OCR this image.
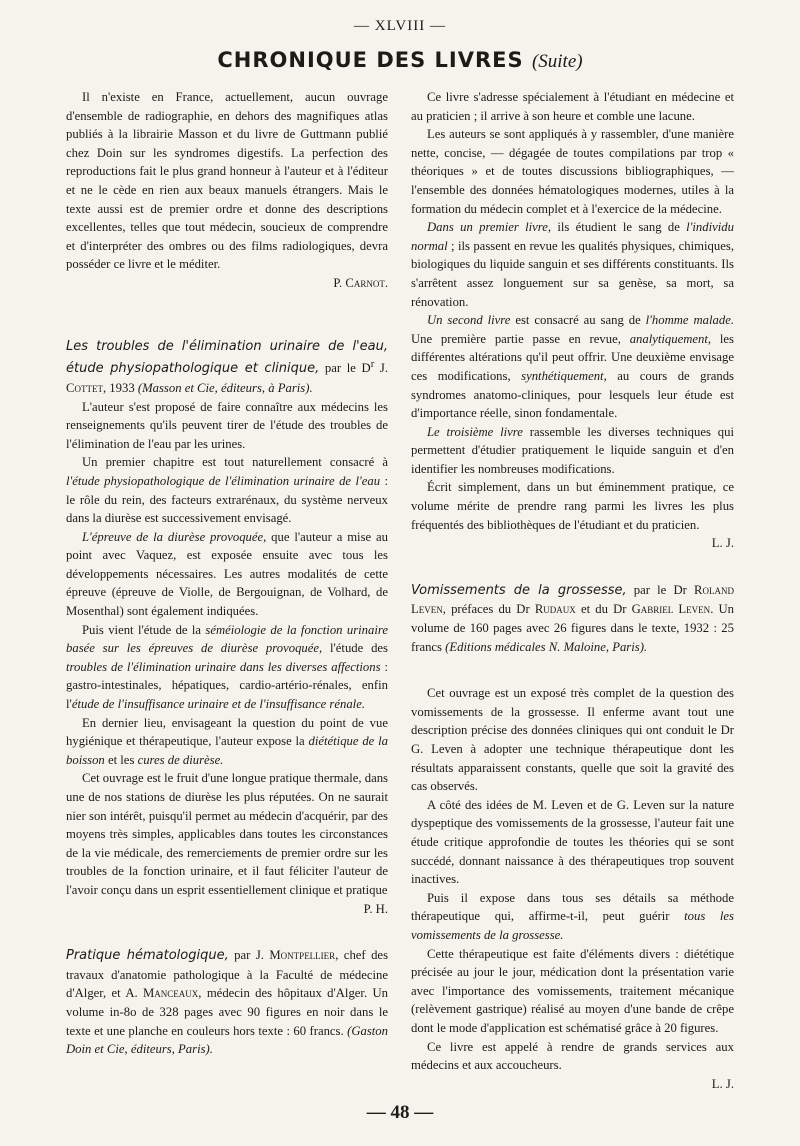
— XLVIII —
CHRONIQUE DES LIVRES (Suite)

Il n'existe en France, actuellement, aucun ouvrage d'ensemble de radiographie, en dehors des magnifiques atlas publiés à la librairie Masson et du livre de Guttmann publié chez Doin sur les syndromes digestifs. La perfection des reproductions fait le plus grand honneur à l'auteur et à l'éditeur et ne le cède en rien aux beaux manuels étrangers. Mais le texte aussi est de premier ordre et donne des descriptions excellentes, telles que tout médecin, soucieux de comprendre et d'interpréter des ombres ou des films radiologiques, devra posséder ce livre et le méditer.

P. Carnot.

Les troubles de l'élimination urinaire de l'eau, étude physiopathologique et clinique, par le $D^r$ J. Cottet, 1933 (Masson et Cie, éditeurs, à Paris).

L'auteur s'est proposé de faire connaître aux médecins les renseignements qu'ils peuvent tirer de l'étude des troubles de l'élimination de l'eau par les urines.

Un premier chapitre est tout naturellement consacré à l'étude physiopathologique de l'élimination urinaire de l'eau : le rôle du rein, des facteurs extrarénaux, du système nerveux dans la diurèse est successivement envisagé.

L'épreuve de la diurèse provoquée, que l'auteur a mise au point avec Vaquez, est exposée ensuite avec tous les développements nécessaires. Les autres modalités de cette épreuve (épreuve de Violle, de Bergouignan, de Volhard, de Mosenthal) sont également indiquées.

Puis vient l'étude de la séméiologie de la fonction urinaire basée sur les épreuves de diurèse provoquée, l'étude des troubles de l'élimination urinaire dans les diverses affections : gastro-intestinales, hépatiques, cardio-artério-rénales, enfin l'étude de l'insuffisance urinaire et de l'insuffisance rénale.

En dernier lieu, envisageant la question du point de vue hygiénique et thérapeutique, l'auteur expose la diététique de la boisson et les cures de diurèse.

Cet ouvrage est le fruit d'une longue pratique thermale, dans une de nos stations de diurèse les plus réputées. On ne saurait nier son intérêt, puisqu'il permet au médecin d'acquérir, par des moyens très simples, applicables dans toutes les circonstances de la vie médicale, des remerciements de premier ordre sur les troubles de la fonction urinaire, et il faut féliciter l'auteur de l'avoir conçu dans un esprit essentiellement clinique et pratique

P. H.

Pratique hématologique, par J. Montpellier, chef des travaux d'anatomie pathologique à la Faculté de médecine d'Alger, et A. Manceaux, médecin des hôpitaux d'Alger. Un volume in-8o de 328 pages avec 90 figures en noir dans le texte et une planche en couleurs hors texte : 60 francs. (Gaston Doin et Cie, éditeurs, Paris).

Ce livre s'adresse spécialement à l'étudiant en médecine et au praticien ; il arrive à son heure et comble une lacune.

Les auteurs se sont appliqués à y rassembler, d'une manière nette, concise, — dégagée de toutes compilations par trop « théoriques » et de toutes discussions bibliographiques, — l'ensemble des données hématologiques modernes, utiles à la formation du médecin complet et à l'exercice de la médecine.

Dans un premier livre, ils étudient le sang de l'individu normal ; ils passent en revue les qualités physiques, chimiques, biologiques du liquide sanguin et ses différents constituants. Ils s'arrêtent assez longuement sur sa genèse, sa mort, sa rénovation.

Un second livre est consacré au sang de l'homme malade. Une première partie passe en revue, analytiquement, les différentes altérations qu'il peut offrir. Une deuxième envisage ces modifications, synthétiquement, au cours de grands syndromes anatomo-cliniques, pour lesquels leur étude est d'importance réelle, sinon fondamentale.

Le troisième livre rassemble les diverses techniques qui permettent d'étudier pratiquement le liquide sanguin et d'en identifier les nombreuses modifications.

Écrit simplement, dans un but éminemment pratique, ce volume mérite de prendre rang parmi les livres les plus fréquentés des bibliothèques de l'étudiant et du praticien.

L. J.

Vomissements de la grossesse, par le Dr Roland Leven, préfaces du Dr Rudaux et du Dr Gabriel Leven. Un volume de 160 pages avec 26 figures dans le texte, 1932 : 25 francs (Editions médicales N. Maloine, Paris).

Cet ouvrage est un exposé très complet de la question des vomissements de la grossesse. Il enferme avant tout une description précise des données cliniques qui ont conduit le Dr G. Leven à adopter une technique thérapeutique dont les résultats apparaissent constants, quelle que soit la gravité des cas observés.

A côté des idées de M. Leven et de G. Leven sur la nature dyspeptique des vomissements de la grossesse, l'auteur fait une étude critique approfondie de toutes les théories qui se sont succédé, donnant naissance à des thérapeutiques trop souvent inactives.

Puis il expose dans tous ses détails sa méthode thérapeutique qui, affirme-t-il, peut guérir tous les vomissements de la grossesse.

Cette thérapeutique est faite d'éléments divers : diététique précisée au jour le jour, médication dont la présentation varie avec l'importance des vomissements, traitement mécanique (relèvement gastrique) réalisé au moyen d'une bande de crêpe dont le mode d'application est schématisé grâce à 20 figures.

Ce livre est appelé à rendre de grands services aux médecins et aux accoucheurs.

L. J.

— 48 —
